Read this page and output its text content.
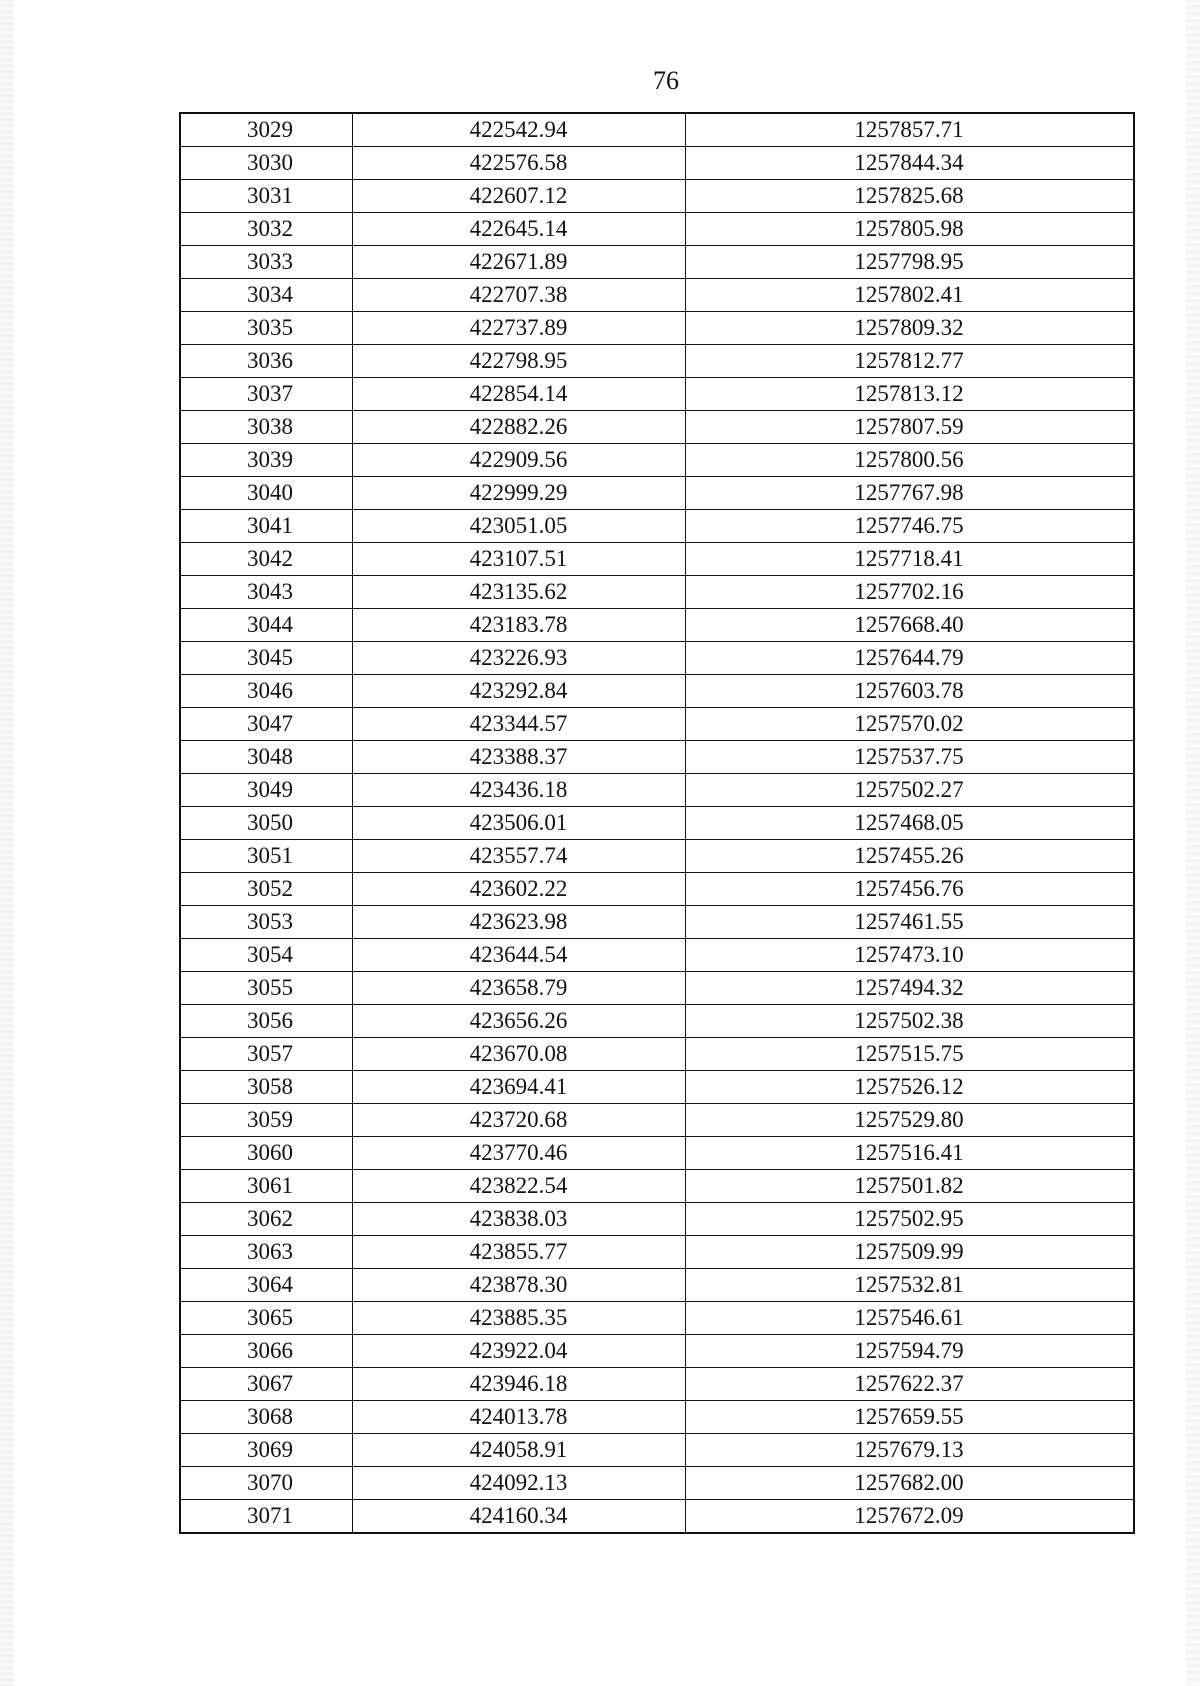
76
3029	422542.94	1257857.71
3030	422576.58	1257844.34
3031	422607.12	1257825.68
3032	422645.14	1257805.98
3033	422671.89	1257798.95
3034	422707.38	1257802.41
3035	422737.89	1257809.32
3036	422798.95	1257812.77
3037	422854.14	1257813.12
3038	422882.26	1257807.59
3039	422909.56	1257800.56
3040	422999.29	1257767.98
3041	423051.05	1257746.75
3042	423107.51	1257718.41
3043	423135.62	1257702.16
3044	423183.78	1257668.40
3045	423226.93	1257644.79
3046	423292.84	1257603.78
3047	423344.57	1257570.02
3048	423388.37	1257537.75
3049	423436.18	1257502.27
3050	423506.01	1257468.05
3051	423557.74	1257455.26
3052	423602.22	1257456.76
3053	423623.98	1257461.55
3054	423644.54	1257473.10
3055	423658.79	1257494.32
3056	423656.26	1257502.38
3057	423670.08	1257515.75
3058	423694.41	1257526.12
3059	423720.68	1257529.80
3060	423770.46	1257516.41
3061	423822.54	1257501.82
3062	423838.03	1257502.95
3063	423855.77	1257509.99
3064	423878.30	1257532.81
3065	423885.35	1257546.61
3066	423922.04	1257594.79
3067	423946.18	1257622.37
3068	424013.78	1257659.55
3069	424058.91	1257679.13
3070	424092.13	1257682.00
3071	424160.34	1257672.09
